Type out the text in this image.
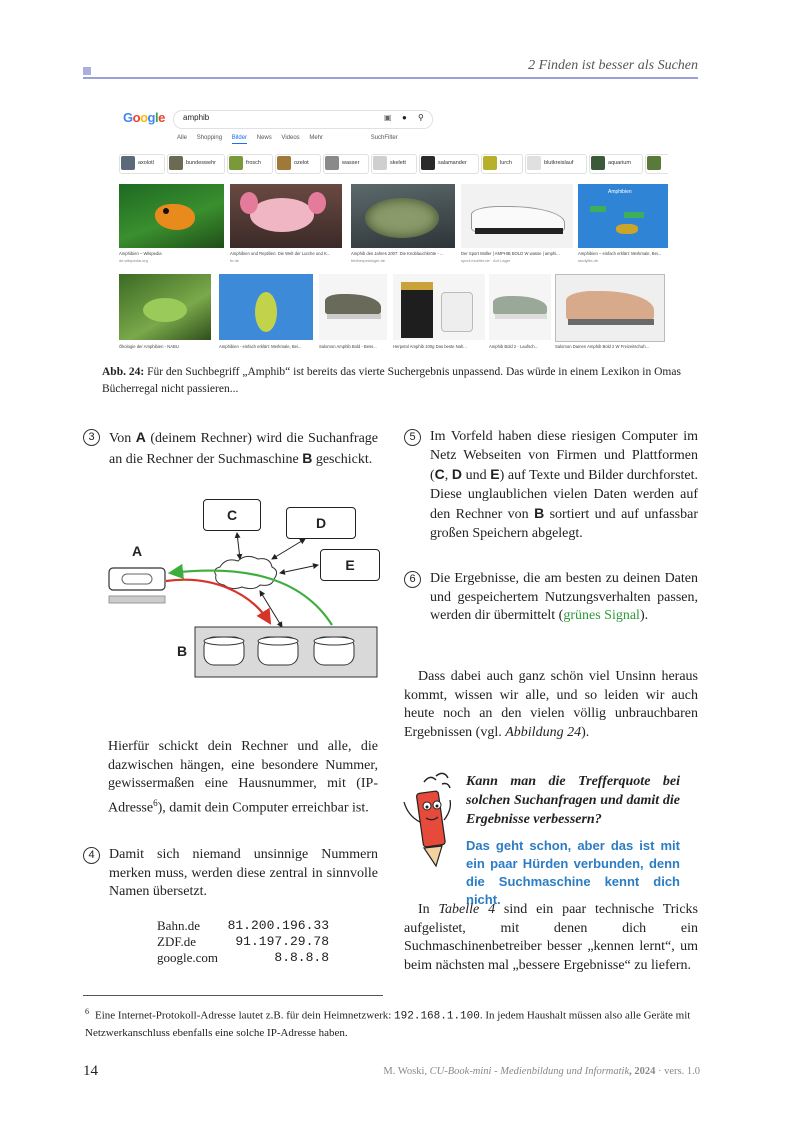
2 Finden ist besser als Suchen
Google amphib	▣ ● ⚲
Alle Shopping Bilder News Videos Mehr	SuchFilter
axolotl	bundeswehr	frosch	ozelot	wasser	skelett	salamander	lurch	blutkreislauf	aquarium
Amphibien
Amphibien – Wikipedia	Amphibien und Reptilien: Die Welt der Lurche und K...	Amphib des Jahres 2007: Die Knoblauchkröte - ...	Der Sport Müller | AMPHIB BOLD W wasse | amphi...	Amphibien – einfach erklärt: Merkmale, Bei...
de.wikipedia.org	br.de	feldherpetologie.de	sport-mueller.de · Auf Lager	studyflix.de
Ökologie der Amphibien - NABU	Amphibien - einfach erklärt: Merkmale, Bei...	Salomon Amphib Bold - Bess...	Herpetol Amphib 100g Das beste Nah...	Amphib Bold 2 - Laufsch...	Salomon Damen Amphib Bold 2 W Freizeitschuh...
Abb. 24: Für den Suchbegriff „Amphib“ ist bereits das vierte Suchergebnis unpassend. Das würde in einem Lexikon in Omas Bücherregal nicht passieren...
3	Von A (deinem Rechner) wird die Suchanfrage an die Rechner der Suchmaschine B geschickt.
C	D
E
A
B
Hierfür schickt dein Rechner und alle, die dazwischen hängen, eine besondere Nummer, gewissermaßen eine Hausnummer, mit (IP-Adresse$^6$), damit dein Computer erreichbar ist.
4	Damit sich niemand unsinnige Nummern merken muss, werden diese zentral in sinnvolle Namen übersetzt.
Bahn.de 81.200.196.33
ZDF.de	91.197.29.78
google.com	8.8.8.8
5	Im Vorfeld haben diese riesigen Computer im Netz Webseiten von Firmen und Plattformen (C, D und E) auf Texte und Bilder durchforstet. Diese unglaublichen vielen Daten werden auf den Rechner von B sortiert und auf unfassbar großen Speichern abgelegt.
6	Die Ergebnisse, die am besten zu deinen Daten und gespeichertem Nutzungsverhalten passen, werden dir übermittelt (grünes Signal).
Dass dabei auch ganz schön viel Unsinn heraus kommt, wissen wir alle, und so leiden wir auch heute noch an den vielen völlig unbrauchbaren Ergebnissen (vgl. Abbildung 24).
Kann man die Trefferquote bei solchen Suchanfragen und damit die Ergebnisse verbessern?
Das geht schon, aber das ist mit ein paar Hürden verbunden, denn die Suchmaschine kennt dich nicht.
In Tabelle 4 sind ein paar technische Tricks aufgelistet, mit denen dich ein Suchmaschinenbetreiber besser „kennen lernt“, um beim nächsten mal „bessere Ergebnisse“ zu liefern.
$^6$ Eine Internet-Protokoll-Adresse lautet z.B. für dein Heimnetzwerk: 192.168.1.100. In jedem Haushalt müssen also alle Geräte mit Netzwerkanschluss ebenfalls eine solche IP-Adresse haben.
14	M. Woski, CU-Book-mini - Medienbildung und Informatik, 2024 · vers. 1.0
